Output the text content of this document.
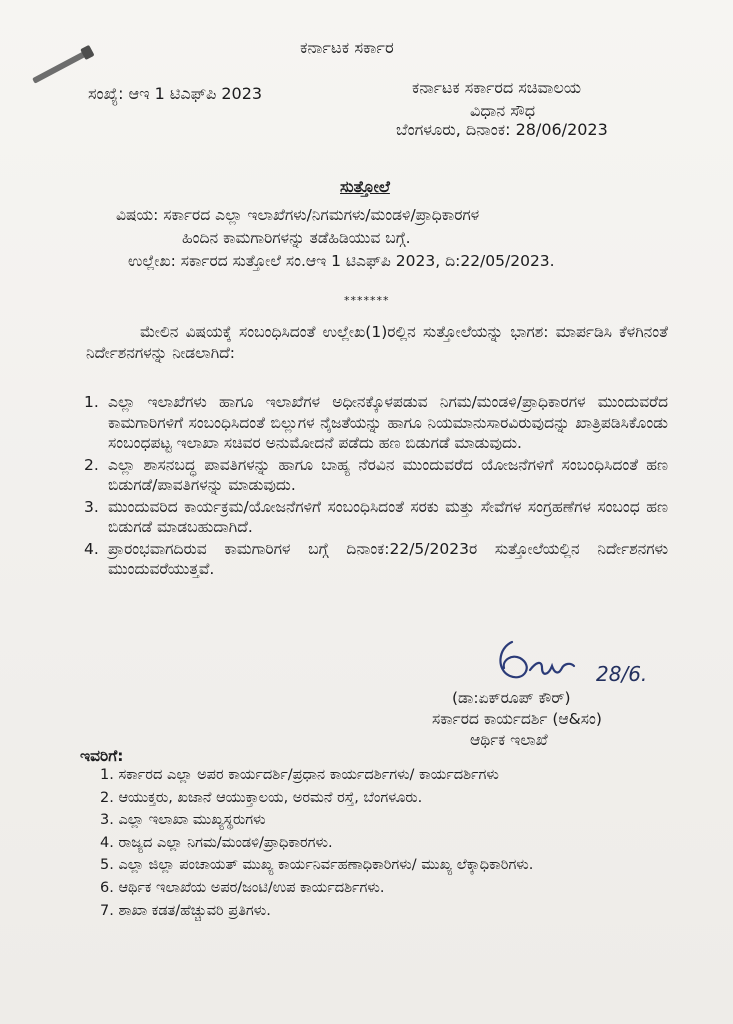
ಕರ್ನಾಟಕ ಸರ್ಕಾರ
ಸಂಖ್ಯೆ: ಆಇ 1 ಟಿಎಫ್‌ಪಿ 2023	ಕರ್ನಾಟಕ ಸರ್ಕಾರದ ಸಚಿವಾಲಯ
ವಿಧಾನ ಸೌಧ
ಬೆಂಗಳೂರು, ದಿನಾಂಕ: 28/06/2023
ಸುತ್ತೋಲೆ
ವಿಷಯ: ಸರ್ಕಾರದ ಎಲ್ಲಾ ಇಲಾಖೆಗಳು/ನಿಗಮಗಳು/ಮಂಡಳಿ/ಪ್ರಾಧಿಕಾರಗಳ
ಹಿಂದಿನ ಕಾಮಗಾರಿಗಳನ್ನು ತಡೆಹಿಡಿಯುವ ಬಗ್ಗೆ.
ಉಲ್ಲೇಖ: ಸರ್ಕಾರದ ಸುತ್ತೋಲೆ ಸಂ.ಆಇ 1 ಟಿಎಫ್‌ಪಿ 2023, ದಿ:22/05/2023.
*******
ಮೇಲಿನ ವಿಷಯಕ್ಕೆ ಸಂಬಂಧಿಸಿದಂತೆ ಉಲ್ಲೇಖ(1)ರಲ್ಲಿನ ಸುತ್ತೋಲೆಯನ್ನು ಭಾಗಶ: ಮಾರ್ಪಡಿಸಿ ಕೆಳಗಿನಂತೆ ನಿರ್ದೇಶನಗಳನ್ನು ನೀಡಲಾಗಿದೆ:
1. ಎಲ್ಲಾ ಇಲಾಖೆಗಳು ಹಾಗೂ ಇಲಾಖೆಗಳ ಅಧೀನಕ್ಕೊಳಪಡುವ ನಿಗಮ/ಮಂಡಳಿ/ಪ್ರಾಧಿಕಾರಗಳ ಮುಂದುವರೆದ ಕಾಮಗಾರಿಗಳಿಗೆ ಸಂಬಂಧಿಸಿದಂತೆ ಬಿಲ್ಲುಗಳ ನೈಜತೆಯನ್ನು ಹಾಗೂ ನಿಯಮಾನುಸಾರವಿರುವುದನ್ನು ಖಾತ್ರಿಪಡಿಸಿಕೊಂಡು ಸಂಬಂಧಪಟ್ಟ ಇಲಾಖಾ ಸಚಿವರ ಅನುಮೋದನೆ ಪಡೆದು ಹಣ ಬಿಡುಗಡೆ ಮಾಡುವುದು.
2. ಎಲ್ಲಾ ಶಾಸನಬದ್ಧ ಪಾವತಿಗಳನ್ನು ಹಾಗೂ ಬಾಹ್ಯ ನೆರವಿನ ಮುಂದುವರೆದ ಯೋಜನೆಗಳಿಗೆ ಸಂಬಂಧಿಸಿದಂತೆ ಹಣ ಬಿಡುಗಡೆ/ಪಾವತಿಗಳನ್ನು ಮಾಡುವುದು.
3. ಮುಂದುವರಿದ ಕಾರ್ಯಕ್ರಮ/ಯೋಜನೆಗಳಿಗೆ ಸಂಬಂಧಿಸಿದಂತೆ ಸರಕು ಮತ್ತು ಸೇವೆಗಳ ಸಂಗ್ರಹಣೆಗಳ ಸಂಬಂಧ ಹಣ ಬಿಡುಗಡೆ ಮಾಡಬಹುದಾಗಿದೆ.
4. ಪ್ರಾರಂಭವಾಗದಿರುವ ಕಾಮಗಾರಿಗಳ ಬಗ್ಗೆ ದಿನಾಂಕ:22/5/2023ರ ಸುತ್ತೋಲೆಯಲ್ಲಿನ ನಿರ್ದೇಶನಗಳು ಮುಂದುವರೆಯುತ್ತವೆ.
28/6.
(ಡಾ:ಏಕ್‌ರೂಪ್ ಕೌರ್)
ಸರ್ಕಾರದ ಕಾರ್ಯದರ್ಶಿ (ಆ&ಸಂ)
ಆರ್ಥಿಕ ಇಲಾಖೆ
ಇವರಿಗೆ:
1. ಸರ್ಕಾರದ ಎಲ್ಲಾ ಅಪರ ಕಾರ್ಯದರ್ಶಿ/ಪ್ರಧಾನ ಕಾರ್ಯದರ್ಶಿಗಳು/ ಕಾರ್ಯದರ್ಶಿಗಳು
2. ಆಯುಕ್ತರು, ಖಜಾನೆ ಆಯುಕ್ತಾಲಯ, ಅರಮನೆ ರಸ್ತೆ, ಬೆಂಗಳೂರು.
3. ಎಲ್ಲಾ ಇಲಾಖಾ ಮುಖ್ಯಸ್ಥರುಗಳು
4. ರಾಜ್ಯದ ಎಲ್ಲಾ ನಿಗಮ/ಮಂಡಳಿ/ಪ್ರಾಧಿಕಾರಗಳು.
5. ಎಲ್ಲಾ ಜಿಲ್ಲಾ ಪಂಚಾಯತ್ ಮುಖ್ಯ ಕಾರ್ಯನಿರ್ವಹಣಾಧಿಕಾರಿಗಳು/ ಮುಖ್ಯ ಲೆಕ್ಕಾಧಿಕಾರಿಗಳು.
6. ಆರ್ಥಿಕ ಇಲಾಖೆಯ ಅಪರ/ಜಂಟಿ/ಉಪ ಕಾರ್ಯದರ್ಶಿಗಳು.
7. ಶಾಖಾ ಕಡತ/ಹೆಚ್ಚುವರಿ ಪ್ರತಿಗಳು.
